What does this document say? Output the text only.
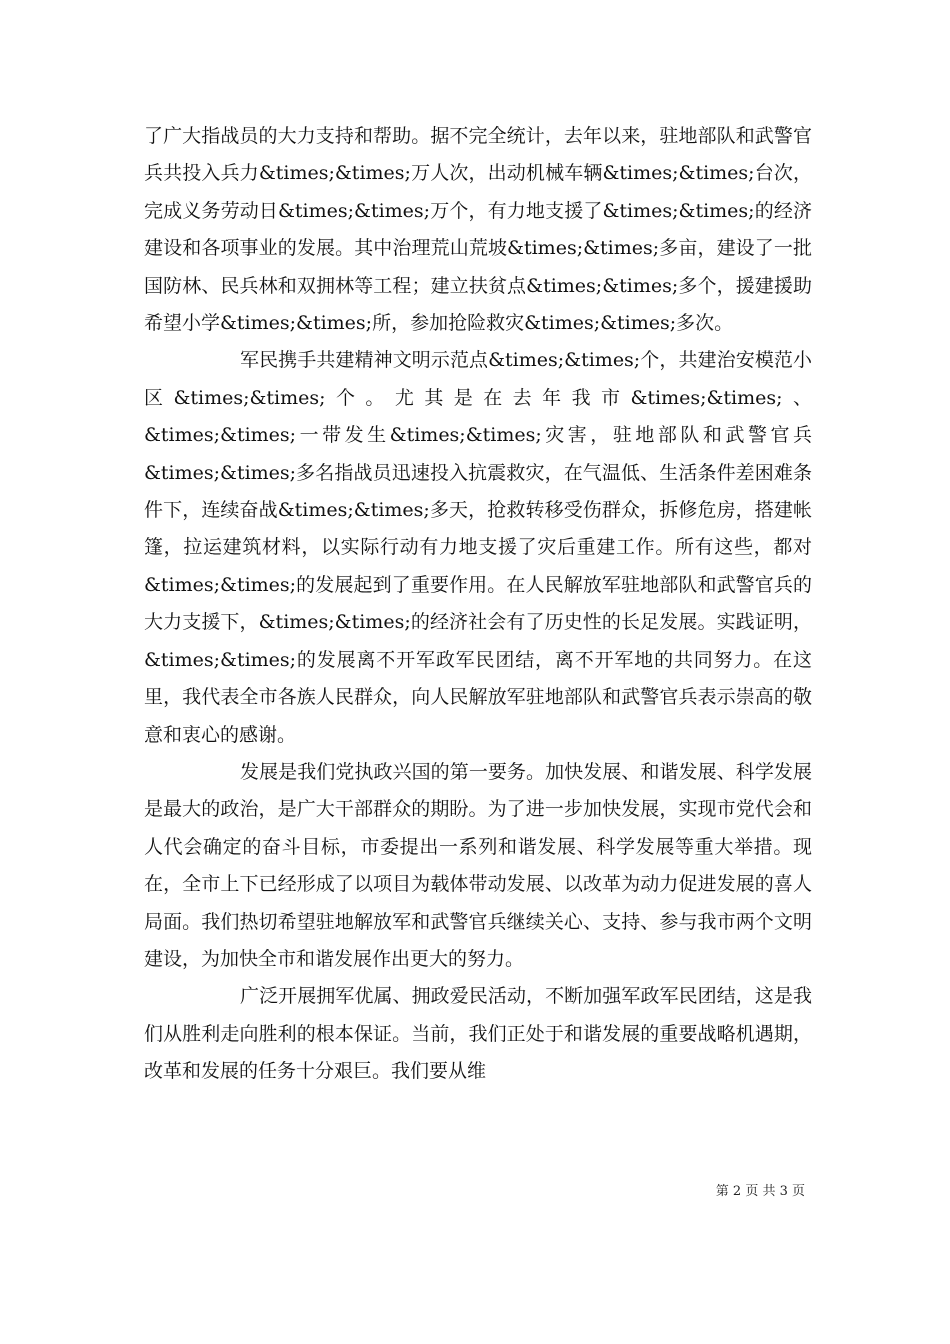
了广大指战员的大力支持和帮助。据不完全统计，去年以来，驻地部队和武警官兵共投入兵力&times;&times;万人次，出动机械车辆&times;&times;台次，完成义务劳动日&times;&times;万个，有力地支援了&times;&times;的经济建设和各项事业的发展。其中治理荒山荒坡&times;&times;多亩，建设了一批国防林、民兵林和双拥林等工程；建立扶贫点&times;&times;多个，援建援助希望小学&times;&times;所，参加抢险救灾&times;&times;多次。

军民携手共建精神文明示范点&times;&times;个，共建治安模范小区&times;&times;个。尤其是在去年我市&times;&times;、&times;&times;一带发生&times;&times;灾害，驻地部队和武警官兵&times;&times;多名指战员迅速投入抗震救灾，在气温低、生活条件差困难条件下，连续奋战&times;&times;多天，抢救转移受伤群众，拆修危房，搭建帐篷，拉运建筑材料，以实际行动有力地支援了灾后重建工作。所有这些，都对&times;&times;的发展起到了重要作用。在人民解放军驻地部队和武警官兵的大力支援下，&times;&times;的经济社会有了历史性的长足发展。实践证明，&times;&times;的发展离不开军政军民团结，离不开军地的共同努力。在这里，我代表全市各族人民群众，向人民解放军驻地部队和武警官兵表示崇高的敬意和衷心的感谢。

发展是我们党执政兴国的第一要务。加快发展、和谐发展、科学发展是最大的政治，是广大干部群众的期盼。为了进一步加快发展，实现市党代会和人代会确定的奋斗目标，市委提出一系列和谐发展、科学发展等重大举措。现在，全市上下已经形成了以项目为载体带动发展、以改革为动力促进发展的喜人局面。我们热切希望驻地解放军和武警官兵继续关心、支持、参与我市两个文明建设，为加快全市和谐发展作出更大的努力。

广泛开展拥军优属、拥政爱民活动，不断加强军政军民团结，这是我们从胜利走向胜利的根本保证。当前，我们正处于和谐发展的重要战略机遇期，改革和发展的任务十分艰巨。我们要从维

第 2 页 共 3 页
